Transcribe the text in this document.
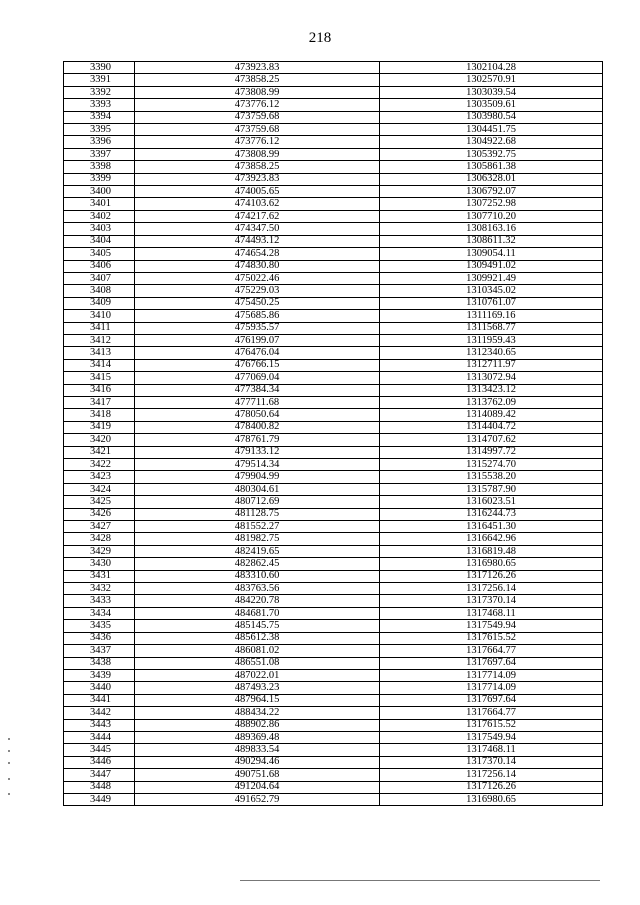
218
3390	473923.83	1302104.28
3391	473858.25	1302570.91
3392	473808.99	1303039.54
3393	473776.12	1303509.61
3394	473759.68	1303980.54
3395	473759.68	1304451.75
3396	473776.12	1304922.68
3397	473808.99	1305392.75
3398	473858.25	1305861.38
3399	473923.83	1306328.01
3400	474005.65	1306792.07
3401	474103.62	1307252.98
3402	474217.62	1307710.20
3403	474347.50	1308163.16
3404	474493.12	1308611.32
3405	474654.28	1309054.11
3406	474830.80	1309491.02
3407	475022.46	1309921.49
3408	475229.03	1310345.02
3409	475450.25	1310761.07
3410	475685.86	1311169.16
3411	475935.57	1311568.77
3412	476199.07	1311959.43
3413	476476.04	1312340.65
3414	476766.15	1312711.97
3415	477069.04	1313072.94
3416	477384.34	1313423.12
3417	477711.68	1313762.09
3418	478050.64	1314089.42
3419	478400.82	1314404.72
3420	478761.79	1314707.62
3421	479133.12	1314997.72
3422	479514.34	1315274.70
3423	479904.99	1315538.20
3424	480304.61	1315787.90
3425	480712.69	1316023.51
3426	481128.75	1316244.73
3427	481552.27	1316451.30
3428	481982.75	1316642.96
3429	482419.65	1316819.48
3430	482862.45	1316980.65
3431	483310.60	1317126.26
3432	483763.56	1317256.14
3433	484220.78	1317370.14
3434	484681.70	1317468.11
3435	485145.75	1317549.94
3436	485612.38	1317615.52
3437	486081.02	1317664.77
3438	486551.08	1317697.64
3439	487022.01	1317714.09
3440	487493.23	1317714.09
3441	487964.15	1317697.64
3442	488434.22	1317664.77
3443	488902.86	1317615.52
3444	489369.48	1317549.94
3445	489833.54	1317468.11
3446	490294.46	1317370.14
3447	490751.68	1317256.14
3448	491204.64	1317126.26
3449	491652.79	1316980.65
